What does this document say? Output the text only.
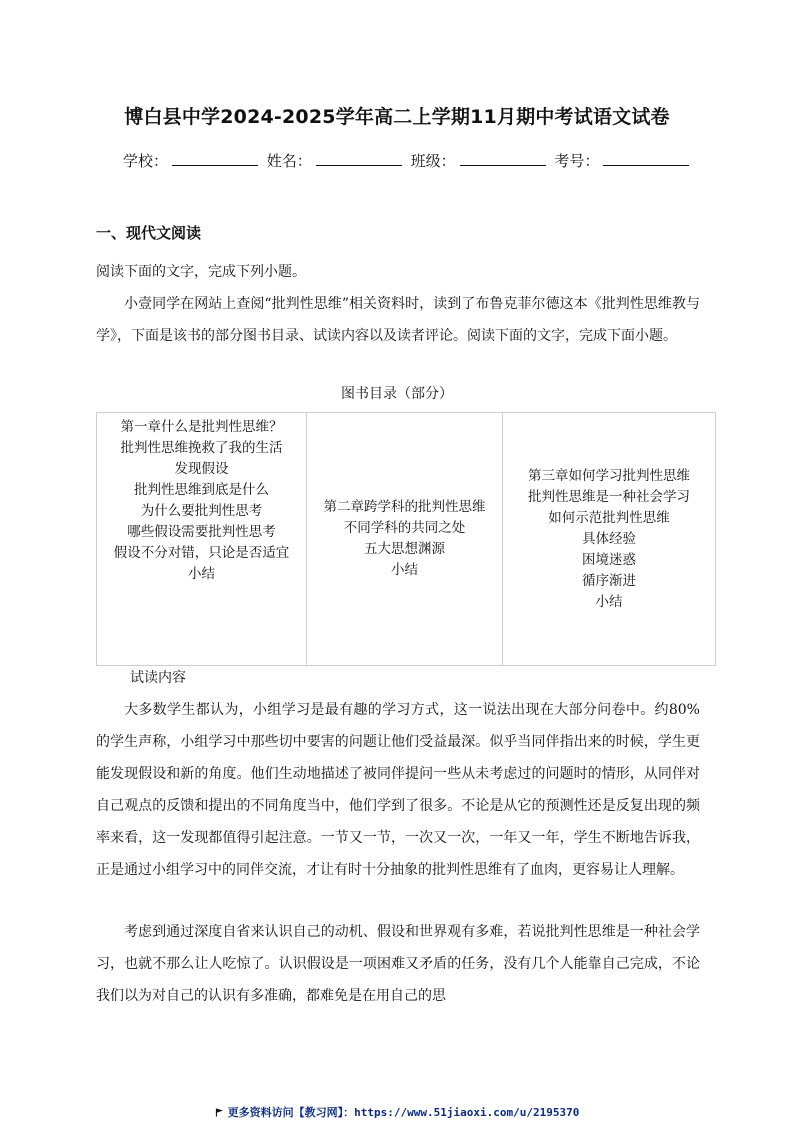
博白县中学2024-2025学年高二上学期11月期中考试语文试卷
学校：	姓名：	班级：	考号：
一、现代文阅读

阅读下面的文字，完成下列小题。

小壹同学在网站上查阅“批判性思维”相关资料时，读到了布鲁克菲尔德这本《批判性思维教与学》，下面是该书的部分图书目录、试读内容以及读者评论。阅读下面的文字，完成下面小题。

图书目录（部分）
第一章什么是批判性思维？
批判性思维挽救了我的生活
发现假设
批判性思维到底是什么
为什么要批判性思考
哪些假设需要批判性思考
假设不分对错，只论是否适宜
小结

第二章跨学科的批判性思维
不同学科的共同之处
五大思想渊源
小结

第三章如何学习批判性思维
批判性思维是一种社会学习
如何示范批判性思维
具体经验
困境迷惑
循序渐进
小结

试读内容

大多数学生都认为，小组学习是最有趣的学习方式，这一说法出现在大部分问卷中。约80%的学生声称，小组学习中那些切中要害的问题让他们受益最深。似乎当同伴指出来的时候，学生更能发现假设和新的角度。他们生动地描述了被同伴提问一些从未考虑过的问题时的情形，从同伴对自己观点的反馈和提出的不同角度当中，他们学到了很多。不论是从它的预测性还是反复出现的频率来看，这一发现都值得引起注意。一节又一节，一次又一次，一年又一年，学生不断地告诉我，正是通过小组学习中的同伴交流，才让有时十分抽象的批判性思维有了血肉，更容易让人理解。

考虑到通过深度自省来认识自己的动机、假设和世界观有多难，若说批判性思维是一种社会学习，也就不那么让人吃惊了。认识假设是一项困难又矛盾的任务，没有几个人能靠自己完成，不论我们以为对自己的认识有多准确，都难免是在用自己的思

更多资料访问【教习网】：https://www.51jiaoxi.com/u/2195370
